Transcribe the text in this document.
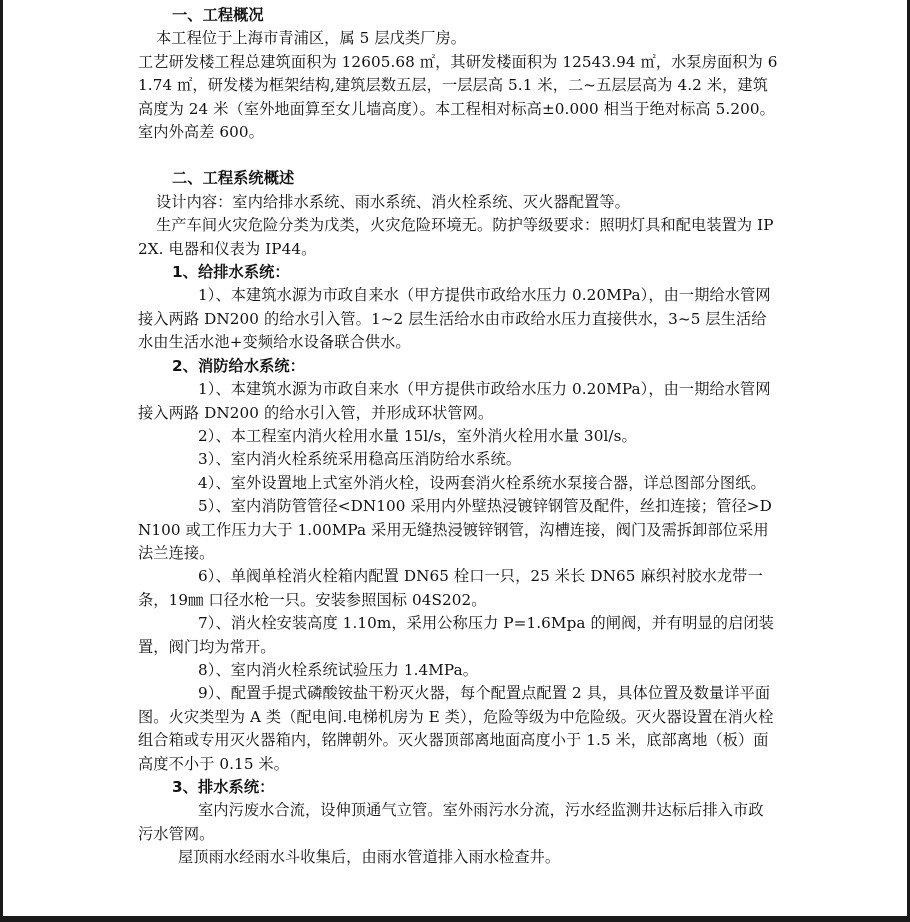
一、工程概况
本工程位于上海市青浦区，属 5 层戊类厂房。
工艺研发楼工程总建筑面积为 12605.68 ㎡，其研发楼面积为 12543.94 ㎡，水泵房面积为 61.74 ㎡，研发楼为框架结构,建筑层数五层，一层层高 5.1 米，二~五层层高为 4.2 米，建筑高度为 24 米（室外地面算至女儿墙高度）。本工程相对标高±0.000 相当于绝对标高 5.200。室内外高差 600。
二、工程系统概述
设计内容：室内给排水系统、雨水系统、消火栓系统、灭火器配置等。
生产车间火灾危险分类为戊类，火灾危险环境无。防护等级要求：照明灯具和配电装置为 IP2X. 电器和仪表为 IP44。
1、给排水系统：
1）、本建筑水源为市政自来水（甲方提供市政给水压力 0.20MPa），由一期给水管网接入两路 DN200 的给水引入管。1~2 层生活给水由市政给水压力直接供水，3~5 层生活给水由生活水池+变频给水设备联合供水。
2、消防给水系统：
1）、本建筑水源为市政自来水（甲方提供市政给水压力 0.20MPa），由一期给水管网接入两路 DN200 的给水引入管，并形成环状管网。
2）、本工程室内消火栓用水量 15l/s，室外消火栓用水量 30l/s。
3）、室内消火栓系统采用稳高压消防给水系统。
4）、室外设置地上式室外消火栓，设两套消火栓系统水泵接合器，详总图部分图纸。
5）、室内消防管管径<DN100 采用内外壁热浸镀锌钢管及配件，丝扣连接；管径>DN100 或工作压力大于 1.00MPa 采用无缝热浸镀锌钢管，沟槽连接，阀门及需拆卸部位采用法兰连接。
6）、单阀单栓消火栓箱内配置 DN65 栓口一只，25 米长 DN65 麻织衬胶水龙带一条，19㎜ 口径水枪一只。安装参照国标 04S202。
7）、消火栓安装高度 1.10m，采用公称压力 P=1.6Mpa 的闸阀，并有明显的启闭装置，阀门均为常开。
8）、室内消火栓系统试验压力 1.4MPa。
9）、配置手提式磷酸铵盐干粉灭火器，每个配置点配置 2 具，具体位置及数量详平面图。火灾类型为 A 类（配电间.电梯机房为 E 类），危险等级为中危险级。灭火器设置在消火栓组合箱或专用灭火器箱内，铭牌朝外。灭火器顶部离地面高度小于 1.5 米，底部离地（板）面高度不小于 0.15 米。
3、排水系统：
室内污废水合流，设伸顶通气立管。室外雨污水分流，污水经监测井达标后排入市政污水管网。
屋顶雨水经雨水斗收集后，由雨水管道排入雨水检查井。
